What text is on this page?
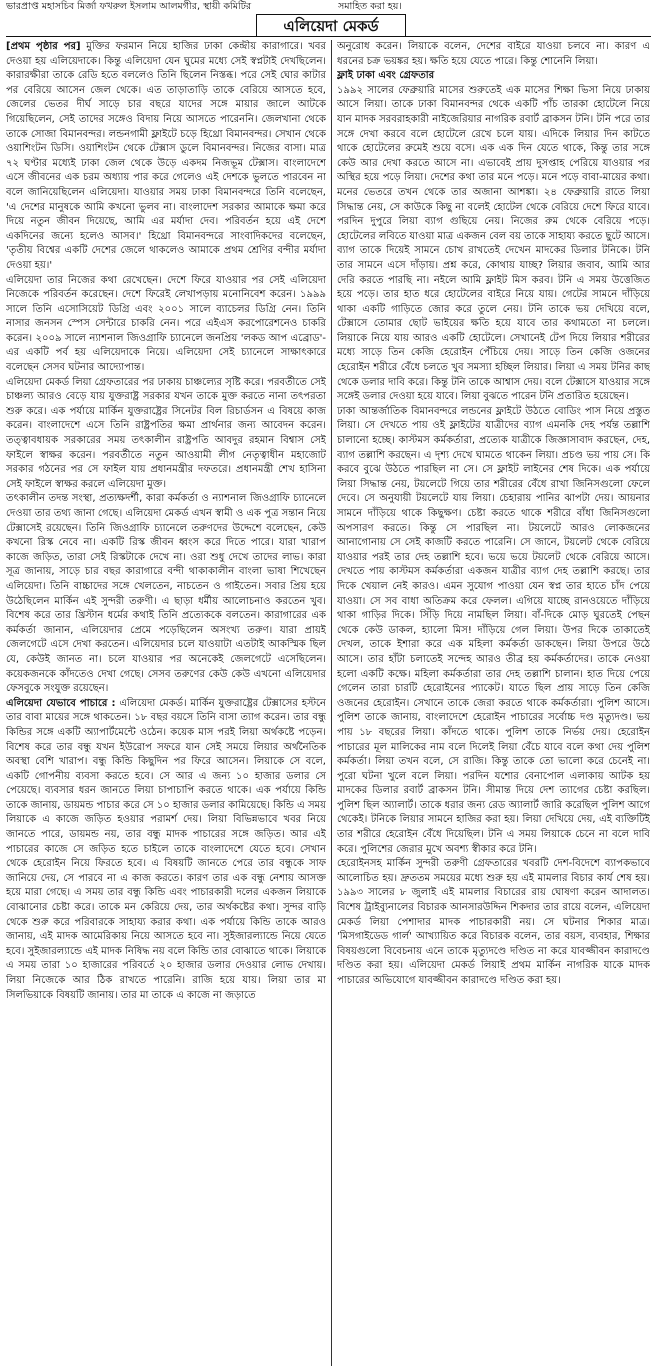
ভারপ্রাপ্ত মহাসচিব মির্জা ফখরুল ইসলাম আলমগীর, স্থায়ী কমিটির	সমাহিত করা হয়।
এলিয়েদা মেকর্ড

[প্রথম পৃষ্ঠার পর] মুক্তির ফরমান নিয়ে হাজির ঢাকা কেন্দ্রীয় কারাগারে। খবর দেওয়া হয় এলিয়েদাকে। কিন্তু এলিয়েদা যেন ঘুমের মধ্যে সেই স্বপ্নটাই দেখছিলেন। কারারক্ষীরা তাকে রেডি হতে বললেও তিনি ছিলেন নিস্তব্ধ। পরে সেই ঘোর কাটার পর বেরিয়ে আসেন জেল থেকে। এত তাড়াতাড়ি তাকে বেরিয়ে আসতে হবে, জেলের ভেতর দীর্ঘ সাড়ে চার বছরে যাদের সঙ্গে মায়ার জালে আটকে গিয়েছিলেন, সেই তাদের সঙ্গেও বিদায় নিয়ে আসতে পারেননি। জেলখানা থেকে তাকে সোজা বিমানবন্দর। লন্ডনগামী ফ্লাইটে চড়ে হিথ্রো বিমানবন্দর। সেখান থেকে ওয়াশিংটন ডিসি। ওয়াশিংটন থেকে টেক্সাস ডুলে বিমানবন্দর। নিজের বাসা। মাত্র ৭২ ঘণ্টার মধ্যেই ঢাকা জেল থেকে উড়ে একদম নিজভূম টেক্সাস। বাংলাদেশে এসে জীবনের এক চরম অধ্যায় পার করে গেলেও এই দেশকে ভুলতে পারবেন না বলে জানিয়েছিলেন এলিয়েদা। যাওয়ার সময় ঢাকা বিমানবন্দরে তিনি বলেছেন, 'এ দেশের মানুষকে আমি কখনো ভুলব না। বাংলাদেশ সরকার আমাকে ক্ষমা করে দিয়ে নতুন জীবন দিয়েছে, আমি এর মর্যাদা দেব। পরিবর্তন হয়ে এই দেশে একদিনের জন্যে হলেও আসব।' হিথ্রো বিমানবন্দরে সাংবাদিকদের বলেছেন, 'তৃতীয় বিশ্বের একটি দেশের জেলে থাকলেও আমাকে প্রথম শ্রেণির বন্দীর মর্যাদা দেওয়া হয়।'

এলিয়েদা তার নিজের কথা রেখেছেন। দেশে ফিরে যাওয়ার পর সেই এলিয়েদা নিজেকে পরিবর্তন করেছেন। দেশে ফিরেই লেখাপড়ায় মনোনিবেশ করেন। ১৯৯৯ সালে তিনি এসোসিয়েট ডিগ্রি এবং ২০০১ সালে ব্যাচেলর ডিগ্রি নেন। তিনি নাসার জনসন স্পেস সেন্টারে চাকরি নেন। পরে এইএস করপোরেশনেও চাকরি করেন। ২০০৯ সালে ন্যাশনাল জিওগ্রাফি চ্যানেলে জনপ্রিয় 'লকড আপ এব্রোড'-এর একটি পর্ব হয় এলিয়েদাকে নিয়ে। এলিয়েদা সেই চ্যানেলে সাক্ষাৎকারে বলেছেন সেসব ঘটনার আদ্যোপান্ত।

এলিয়েদা মেকর্ড লিয়া গ্রেফতারের পর ঢাকায় চাঞ্চল্যের সৃষ্টি করে। পরবর্তীতে সেই চাঞ্চল্য আরও বেড়ে যায় যুক্তরাষ্ট্র সরকার যখন তাকে মুক্ত করতে নানা তৎপরতা শুরু করে। এক পর্যায়ে মার্কিন যুক্তরাষ্ট্রের সিনেটর বিল রিচার্ডসন এ বিষয়ে কাজ করেন। বাংলাদেশে এসে তিনি রাষ্ট্রপতির ক্ষমা প্রার্থনার জন্য আবেদন করেন। তত্ত্বাবধায়ক সরকারের সময় তৎকালীন রাষ্ট্রপতি আবদুর রহমান বিশ্বাস সেই ফাইলে স্বাক্ষর করেন। পরবর্তীতে নতুন আওয়ামী লীগ নেতৃত্বাধীন মহাজোট সরকার গঠনের পর সে ফাইল যায় প্রধানমন্ত্রীর দফতরে। প্রধানমন্ত্রী শেখ হাসিনা সেই ফাইলে স্বাক্ষর করলে এলিয়েদা মুক্ত।

তৎকালীন তদন্ত সংস্থা, প্রত্যক্ষদর্শী, কারা কর্মকর্তা ও ন্যাশনাল জিওগ্রাফি চ্যানেলে দেওয়া তার তথ্য জানা গেছে। এলিয়েদা মেকর্ড এখন স্বামী ও এক পুত্র সন্তান নিয়ে টেক্সাসেই রয়েছেন। তিনি জিওগ্রাফি চ্যানেলে তরুণদের উদ্দেশে বলেছেন, কেউ কখনো রিস্ক নেবে না। একটি রিস্ক জীবন ধ্বংস করে দিতে পারে। যারা খারাপ কাজে জড়িত, তারা সেই রিস্কটাকে দেখে না। ওরা শুধু দেখে তাদের লাভ। কারা সূত্র জানায়, সাড়ে চার বছর কারাগারে বন্দী থাকাকালীন বাংলা ভাষা শিখেছেন এলিয়েদা। তিনি বাচ্চাদের সঙ্গে খেলতেন, নাচতেন ও গাইতেন। সবার প্রিয় হয়ে উঠেছিলেন মার্কিন এই সুন্দরী তরুণী। এ ছাড়া ধর্মীয় আলোচনাও করতেন খুব। বিশেষ করে তার খ্রিস্টান ধর্মের কথাই তিনি প্রত্যেককে বলতেন। কারাগারের এক কর্মকর্তা জানান, এলিয়েদার প্রেমে পড়েছিলেন অসংখ্য তরুণ। যারা প্রায়ই জেলগেটে এসে দেখা করতেন। এলিয়েদার চলে যাওয়াটা এতটাই আকস্মিক ছিল যে, কেউই জানত না। চলে যাওয়ার পর অনেকেই জেলগেটে এসেছিলেন। কয়েকজনকে কাঁদতেও দেখা গেছে। সেসব তরুণের কেউ কেউ এখনো এলিয়েদার ফেসবুকে সংযুক্ত রয়েছেন।

এলিয়েদা যেভাবে পাচারে : এলিয়েদা মেকর্ড। মার্কিন যুক্তরাষ্ট্রের টেক্সাসের হস্টনে তার বাবা মায়ের সঙ্গে থাকতেন। ১৮ বছর বয়সে তিনি বাসা ত্যাগ করেন। তার বন্ধু কিন্ডির সঙ্গে একটি অ্যাপার্টমেন্টে ওঠেন। কয়েক মাস পরই লিয়া অর্থকষ্টে পড়েন। বিশেষ করে তার বন্ধু যখন ইউরোপ সফরে যান সেই সময়ে লিয়ার অর্থনৈতিক অবস্থা বেশি খারাপ। বন্ধু কিন্ডি কিছুদিন পর ফিরে আসেন। লিয়াকে সে বলে, একটি গোপনীয় ব্যবসা করতে হবে। সে আর এ জন্য ১০ হাজার ডলার সে পেয়েছে। ব্যবসার ধরন জানতে লিয়া চাপাচাপি করতে থাকে। এক পর্যায়ে কিন্ডি তাকে জানায়, ডায়মন্ড পাচার করে সে ১০ হাজার ডলার কামিয়েছে। কিন্ডি এ সময় লিয়াকে এ কাজে জড়িত হওয়ার পরামর্শ দেয়। লিয়া বিভিন্নভাবে খবর নিয়ে জানতে পারে, ডায়মন্ড নয়, তার বন্ধু মাদক পাচারের সঙ্গে জড়িত। আর এই পাচারের কাজে সে জড়িত হতে চাইলে তাকে বাংলাদেশে যেতে হবে। সেখান থেকে হেরোইন নিয়ে ফিরতে হবে। এ বিষয়টি জানতে পেরে তার বন্ধুকে সাফ জানিয়ে দেয়, সে পারবে না এ কাজ করতে। কারণ তার এক বন্ধু নেশায় আসক্ত হয়ে মারা গেছে। এ সময় তার বন্ধু কিন্ডি এবং পাচারকারী দলের একজন লিয়াকে বোঝানোর চেষ্টা করে। তাকে মন কেরিয়ে দেয়, তার অর্থকষ্টের কথা। সুন্দর বাড়ি থেকে শুরু করে পরিবারকে সাহায্য করার কথা। এক পর্যায়ে কিন্ডি তাকে আরও জানায়, এই মাদক আমেরিকায় নিয়ে আসতে হবে না। সুইজারল্যান্ডে নিয়ে যেতে হবে। সুইজারল্যান্ডে এই মাদক নিষিদ্ধ নয় বলে কিন্ডি তার বোঝাতে থাকে। লিয়াকে এ সময় তারা ১০ হাজারের পরিবর্তে ২০ হাজার ডলার দেওয়ার লোভ দেখায়। লিয়া নিজেকে আর ঠিক রাখতে পারেনি। রাজি হয়ে যায়। লিয়া তার মা সিলভিয়াকে বিষয়টি জানায়। তার মা তাকে এ কাজে না জড়াতে

অনুরোধ করেন। লিয়াকে বলেন, দেশের বাইরে যাওয়া চলবে না। কারণ এ ধরনের চক্র ভয়ঙ্কর হয়। ক্ষতি হয়ে যেতে পারে। কিন্তু শোনেনি লিয়া।

ফ্লাই ঢাকা এবং গ্রেফতার

১৯৯২ সালের ফেব্রুয়ারি মাসের শুরুতেই এক মাসের শিক্ষা ভিসা নিয়ে ঢাকায় আসে লিয়া। তাকে ঢাকা বিমানবন্দর থেকে একটি পাঁচ তারকা হোটেলে নিয়ে যান মাদক সরবরাহকারী নাইজেরিয়ার নাগরিক রবার্ট ব্রাকসন টনি। টনি পরে তার সঙ্গে দেখা করবে বলে হোটেলে রেখে চলে যায়। এদিকে লিয়ার দিন কাটতে থাকে হোটেলের রুমেই শুয়ে বসে। এক এক দিন যেতে থাকে, কিন্তু তার সঙ্গে কেউ আর দেখা করতে আসে না। এভাবেই প্রায় দুসপ্তাহ পেরিয়ে যাওয়ার পর অস্থির হয়ে পড়ে লিয়া। দেশের কথা তার মনে পড়ে। মনে পড়ে বাবা-মায়ের কথা। মনের ভেতরে তখন থেকে তার অজানা আশঙ্কা। ২৪ ফেব্রুয়ারি রাতে লিয়া সিদ্ধান্ত নেয়, সে কাউকে কিছু না বলেই হোটেল থেকে বেরিয়ে দেশে ফিরে যাবে। পরদিন দুপুরে লিয়া ব্যাগ গুছিয়ে নেয়। নিজের রুম থেকে বেরিয়ে পড়ে। হোটেলের লবিতে যাওয়া মাত্র একজন বেল বয় তাকে সাহায্য করতে ছুটে আসে। ব্যাগ তাকে দিয়েই সামনে চোখ রাখতেই দেখেন মাদকের ডিলার টনিকে। টনি তার সামনে এসে দাঁড়ায়। প্রশ্ন করে, কোথায় যাচ্ছ? লিয়ার জবাব, আমি আর দেরি করতে পারছি না। নইলে আমি ফ্লাইট মিস করব। টনি এ সময় উত্তেজিত হয়ে পড়ে। তার হাত ধরে হোটেলের বাইরে নিয়ে যায়। গেটের সামনে দাঁড়িয়ে থাকা একটি গাড়িতে জোর করে তুলে নেয়। টনি তাকে ভয় দেখিয়ে বলে, টেক্সাসে তোমার ছোট ভাইয়ের ক্ষতি হয়ে যাবে তার কথামতো না চললে। লিয়াকে নিয়ে যায় আরও একটি হোটেলে। সেখানেই টেপ দিয়ে লিয়ার শরীরের মধ্যে সাড়ে তিন কেজি হেরোইন পেঁচিয়ে দেয়। সাড়ে তিন কেজি ওজনের হেরোইন শরীরে বেঁধে চলতে খুব সমস্যা হচ্ছিল লিয়ার। লিয়া এ সময় টনির কাছ থেকে ডলার দাবি করে। কিন্তু টনি তাকে আশ্বাস দেয়। বলে টেক্সাসে যাওয়ার সঙ্গে সঙ্গেই ডলার দেওয়া হয়ে যাবে। লিয়া বুঝতে পারেন টনি প্রতারিত হয়েছেন।

ঢাকা আন্তর্জাতিক বিমানবন্দরে লন্ডনের ফ্লাইটে উঠতে বোডিং পাস নিয়ে প্রস্তুত লিয়া। সে দেখতে পায় ওই ফ্লাইটের যাত্রীদের ব্যাগ এমনকি দেহ পর্যন্ত তল্লাশি চালানো হচ্ছে। কাস্টমস কর্মকর্তারা, প্রত্যেক যাত্রীকে জিজ্ঞাসাবাদ করছেন, দেহ, ব্যাগ তল্লাশি করছেন। এ দৃশ্য দেখে ঘামতে থাকেন লিয়া। প্রচণ্ড ভয় পায় সে। কি করবে বুঝে উঠতে পারছিল না সে। সে ফ্লাইট লাইনের শেষ দিকে। এক পর্যায়ে লিয়া সিদ্ধান্ত নেয়, টয়লেটে গিয়ে তার শরীরের বেঁধে রাখা জিনিসগুলো ফেলে দেবে। সে অনুযায়ী টয়লেটে যায় লিয়া। চেহারায় পানির ঝাপটা দেয়। আয়নার সামনে দাঁড়িয়ে থাকে কিছুক্ষণ। চেষ্টা করতে থাকে শরীরে বাঁধা জিনিসগুলো অপসারণ করতে। কিন্তু সে পারছিল না। টয়লেটে আরও লোকজনের আনাগোনায় সে সেই কাজটি করতে পারেনি। সে জানে, টয়লেট থেকে বেরিয়ে যাওয়ার পরই তার দেহ তল্লাশি হবে। ভয়ে ভয়ে টয়লেট থেকে বেরিয়ে আসে। দেখতে পায় কাস্টমস কর্মকর্তারা একজন যাত্রীর ব্যাগ দেহ তল্লাশি করছে। তার দিকে খেয়াল নেই কারও। এমন সুযোগ পাওয়া যেন স্বপ্ন তার হাতে চাঁদ পেয়ে যাওয়া। সে সব বাধা অতিক্রম করে ফেলল। এগিয়ে যাচ্ছে রানওয়েতে দাঁড়িয়ে থাকা গাড়ির দিকে। সিঁড়ি দিয়ে নামছিল লিয়া। বাঁ-দিকে মোড় ঘুরতেই পেছন থেকে কেউ ডাকল, হ্যালো মিস! দাঁড়িয়ে গেল লিয়া। উপর দিকে তাকাতেই দেখল, তাকে ইশারা করে এক মহিলা কর্মকর্তা ডাকছেন। লিয়া উপরে উঠে আসে। তার হাঁটা চলাতেই সন্দেহ আরও তীব্র হয় কর্মকর্তাদের। তাকে নেওয়া হলো একটি কক্ষে। মহিলা কর্মকর্তারা তার দেহ তল্লাশি চালান। হাত দিয়ে পেয়ে গেলেন তারা চারটি হেরোইনের প্যাকেট। যাতে ছিল প্রায় সাড়ে তিন কেজি ওজনের হেরোইন। সেখানে তাকে জেরা করতে থাকে কর্মকর্তারা। পুলিশ আসে। পুলিশ তাকে জানায়, বাংলাদেশে হেরোইন পাচারের সর্বোচ্চ দণ্ড মৃত্যুদণ্ড। ভয় পায় ১৮ বছরের লিয়া। কাঁদতে থাকে। পুলিশ তাকে নির্ভয় দেয়। হেরোইন পাচারের মূল মালিকের নাম বলে দিলেই লিয়া বেঁচে যাবে বলে কথা দেয় পুলিশ কর্মকর্তা। লিয়া তখন বলে, সে রাজি। কিন্তু তাকে তো ভালো করে চেনেই না। পুরো ঘটনা খুলে বলে লিয়া। পরদিন যশোর বেনাপোল এলাকায় আটক হয় মাদকের ডিলার রবার্ট ব্রাকসন টনি। সীমান্ত দিয়ে দেশ ত্যাগের চেষ্টা করছিল। পুলিশ ছিল অ্যালার্ট। তাকে ধরার জন্য রেড অ্যালার্ট জারি করেছিল পুলিশ আগে থেকেই। টনিকে লিয়ার সামনে হাজির করা হয়। লিয়া দেখিয়ে দেয়, এই ব্যক্তিটিই তার শরীরে হেরোইন বেঁধে দিয়েছিল। টনি এ সময় লিয়াকে চেনে না বলে দাবি করে। পুলিশের জেরার মুখে অবশ্য স্বীকার করে টনি।

হেরোইনসহ মার্কিন সুন্দরী তরুণী গ্রেফতারের খবরটি দেশ-বিদেশে ব্যাপকভাবে আলোচিত হয়। দ্রুততম সময়ের মধ্যে শুরু হয় এই মামলার বিচার কার্য শেষ হয়। ১৯৯৩ সালের ৮ জুলাই এই মামলার বিচারের রায় ঘোষণা করেন আদালত। বিশেষ ট্রাইব্যুনালের বিচারক আনসারউদ্দিন শিকদার তার রায়ে বলেন, এলিয়েদা মেকর্ড লিয়া পেশাদার মাদক পাচারকারী নয়। সে ঘটনার শিকার মাত্র। 'মিসগাইডেড গার্ল' আখ্যায়িত করে বিচারক বলেন, তার বয়স, ব্যবহার, শিক্ষার বিষয়গুলো বিবেচনায় এনে তাকে মৃত্যুদণ্ডে দণ্ডিত না করে যাবজ্জীবন কারাদণ্ডে দণ্ডিত করা হয়। এলিয়েদা মেকর্ড লিয়াই প্রথম মার্কিন নাগরিক যাকে মাদক পাচারের অভিযোগে যাবজ্জীবন কারাদণ্ডে দণ্ডিত করা হয়।
